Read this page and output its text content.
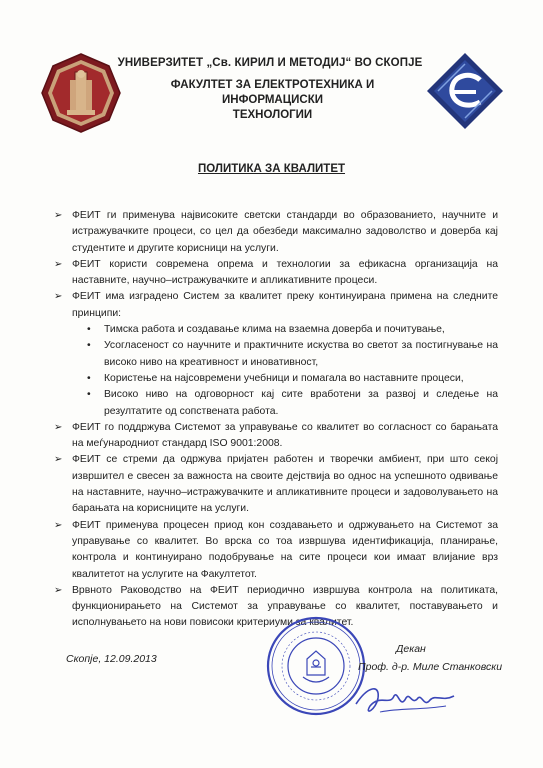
УНИВЕРЗИТЕТ „Св. КИРИЛ И МЕТОДИЈ“ ВО СКОПЈЕ
ФАКУЛТЕТ ЗА ЕЛЕКТРОТЕХНИКА И ИНФОРМАЦИСКИ
ТЕХНОЛОГИИ
ПОЛИТИКА ЗА КВАЛИТЕТ
➢ ФЕИТ ги применува највисоките светски стандарди во образованието, научните и истражувачките процеси, со цел да обезбеди максимално задоволство и доверба кај студентите и другите корисници на услуги.
➢ ФЕИТ користи современа опрема и технологии за ефикасна организација на наставните, научно–истражувачките и апликативните процеси.
➢ ФЕИТ има изградено Систем за квалитет преку континуирана примена на следните принципи:
• Тимска работа и создавање клима на взаемна доверба и почитување,
• Усогласеност со научните и практичните искуства во светот за постигнување на високо ниво на креативност и иновативност,
• Користење на најсовремени учебници и помагала во наставните процеси,
• Високо ниво на одговорност кај сите вработени за развој и следење на резултатите од сопствената работа.
➢ ФЕИТ го поддржува Системот за управување со квалитет во согласност со барањата на меѓународниот стандард ISO 9001:2008.
➢ ФЕИТ се стреми да одржува пријатен работен и творечки амбиент, при што секој извршител е свесен за важноста на своите дејствија во однос на успешното одвивање на наставните, научно–истражувачките и апликативните процеси и задоволувањето на барањата на корисниците на услуги.
➢ ФЕИТ применува процесен приод кон создавањето и одржувањето на Системот за управување со квалитет. Во врска со тоа извршува идентификација, планирање, контрола и континуирано подобрување на сите процеси кои имаат влијание врз квалитетот на услугите на Факултетот.
➢ Врвното Раководство на ФЕИТ периодично извршува контрола на политиката, функционирањето на Системот за управување со квалитет, поставувањето и исполнувањето на нови повисоки критериуми за квалитет.
Скопје, 12.09.2013
Декан
Проф. д-р. Миле Станковски
